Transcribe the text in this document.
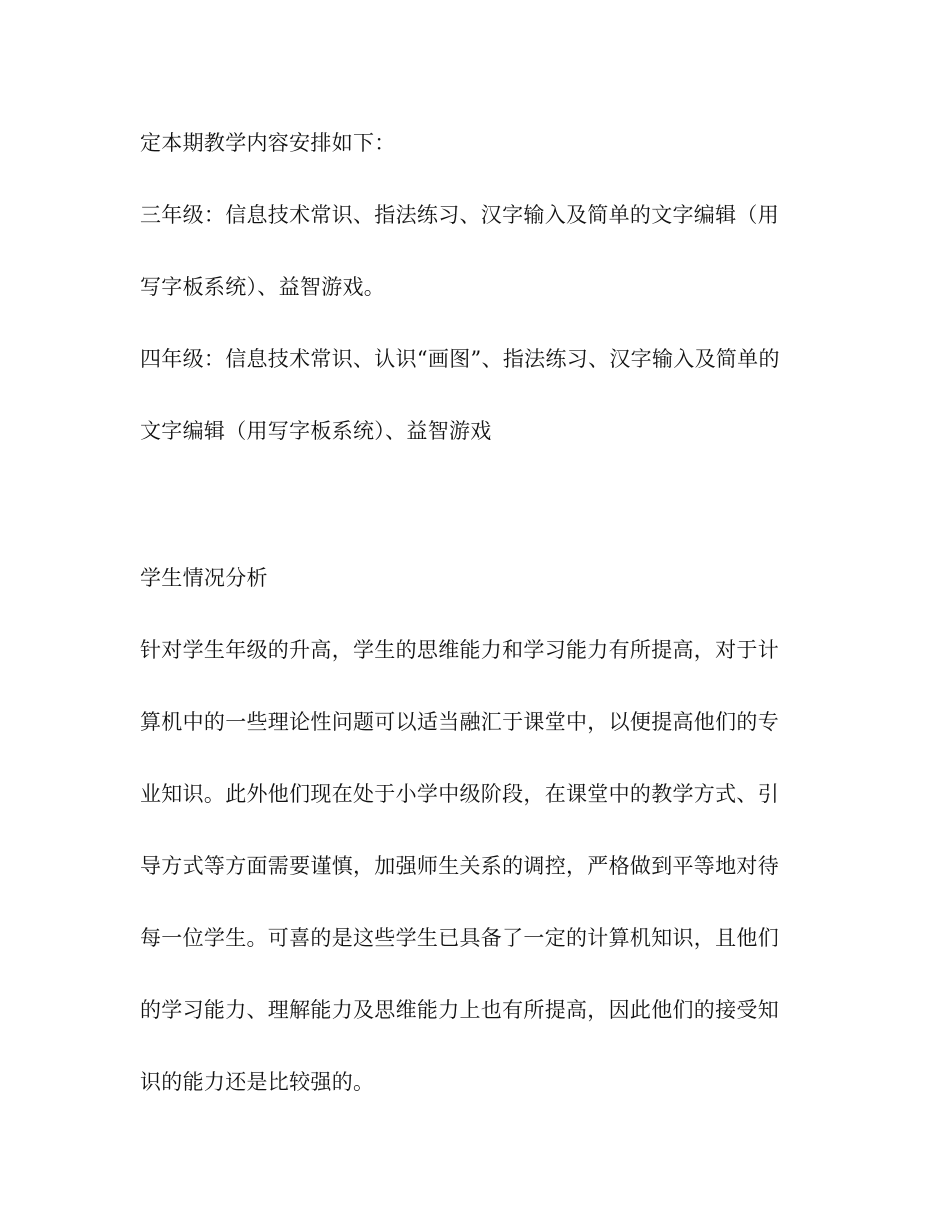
定本期教学内容安排如下：
三年级：信息技术常识、指法练习、汉字输入及简单的文字编辑（用
写字板系统）、益智游戏。
四年级：信息技术常识、认识“画图”、指法练习、汉字输入及简单的
文字编辑（用写字板系统）、益智游戏
学生情况分析
针对学生年级的升高，学生的思维能力和学习能力有所提高，对于计
算机中的一些理论性问题可以适当融汇于课堂中，以便提高他们的专
业知识。此外他们现在处于小学中级阶段，在课堂中的教学方式、引
导方式等方面需要谨慎，加强师生关系的调控，严格做到平等地对待
每一位学生。可喜的是这些学生已具备了一定的计算机知识，且他们
的学习能力、理解能力及思维能力上也有所提高，因此他们的接受知
识的能力还是比较强的。
